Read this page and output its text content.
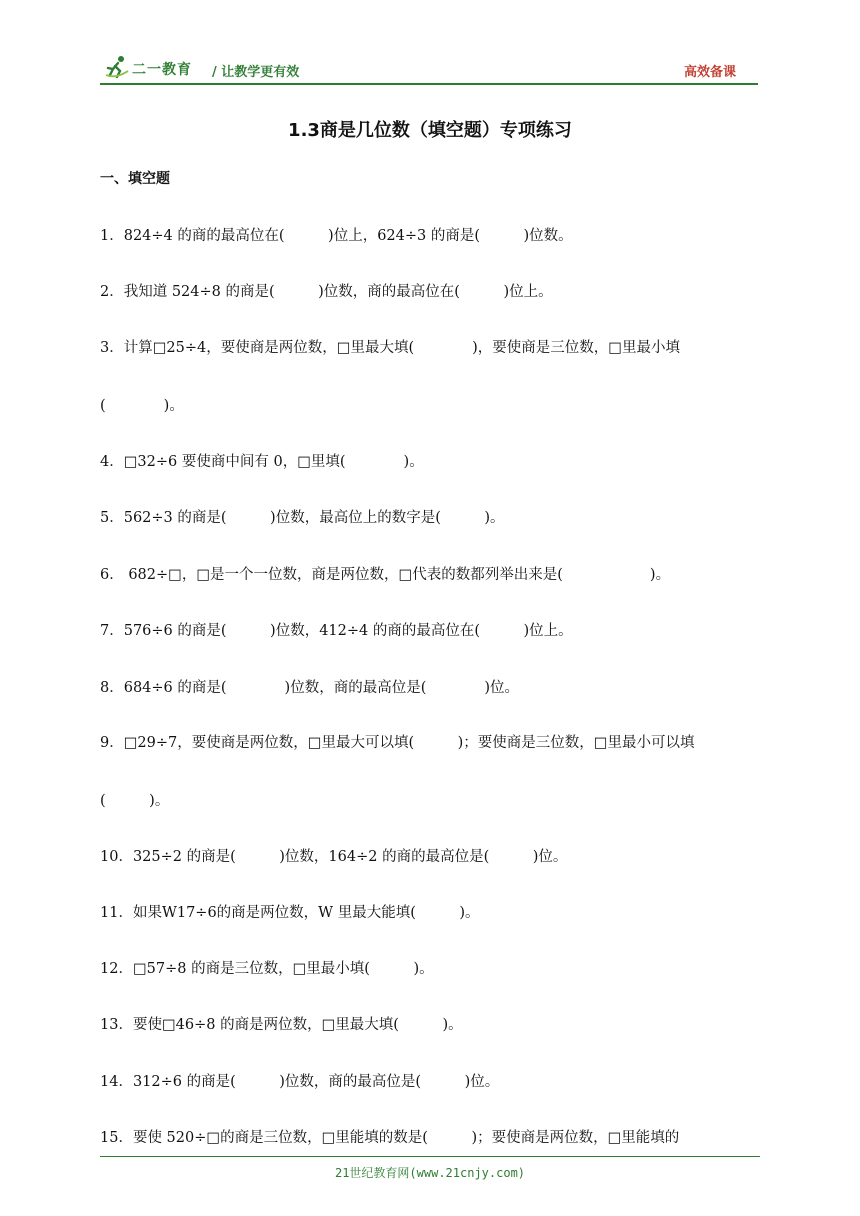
二一教育 / 让教学更有效	高效备课
1.3商是几位数（填空题）专项练习
一、填空题
1．824÷4 的商的最高位在(　　　)位上，624÷3 的商是(　　　)位数。
2．我知道 524÷8 的商是(　　　)位数，商的最高位在(　　　)位上。
3．计算□25÷4，要使商是两位数，□里最大填(　　　　)，要使商是三位数，□里最小填
(　　　　)。
4．□32÷6 要使商中间有 0，□里填(　　　　)。
5．562÷3 的商是(　　　)位数，最高位上的数字是(　　　)。
6． 682÷□，□是一个一位数，商是两位数，□代表的数都列举出来是(　　　　　　)。
7．576÷6 的商是(　　　)位数，412÷4 的商的最高位在(　　　)位上。
8．684÷6 的商是(　　　　)位数，商的最高位是(　　　　)位。
9．□29÷7，要使商是两位数，□里最大可以填(　　　)；要使商是三位数，□里最小可以填
(　　　)。
10．325÷2 的商是(　　　)位数，164÷2 的商的最高位是(　　　)位。
11．如果W17÷6的商是两位数，W 里最大能填(　　　)。
12．□57÷8 的商是三位数，□里最小填(　　　)。
13．要使□46÷8 的商是两位数，□里最大填(　　　)。
14．312÷6 的商是(　　　)位数，商的最高位是(　　　)位。
15．要使 520÷□的商是三位数，□里能填的数是(　　　)；要使商是两位数，□里能填的
21世纪教育网(www.21cnjy.com)
